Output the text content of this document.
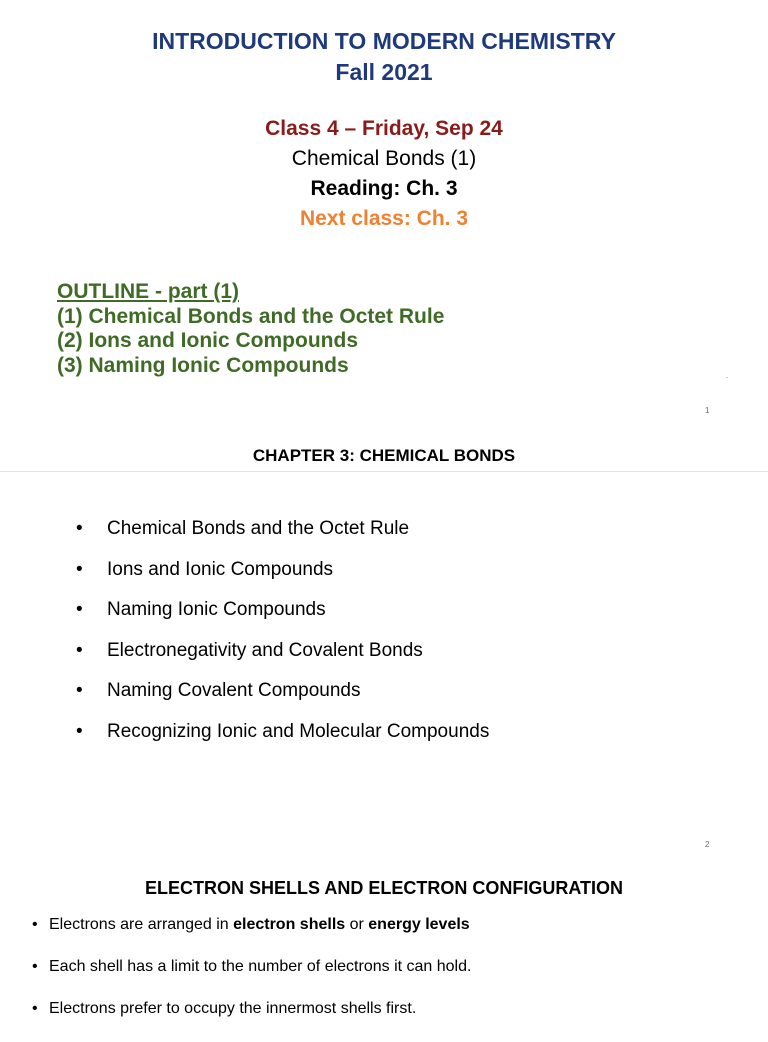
INTRODUCTION TO MODERN CHEMISTRY
Fall 2021
Class 4 – Friday, Sep 24
Chemical Bonds (1)
Reading: Ch. 3
Next class: Ch. 3
OUTLINE - part (1)
(1) Chemical Bonds and the Octet Rule
(2) Ions and Ionic Compounds
(3) Naming Ionic Compounds	.
1
CHAPTER 3: CHEMICAL BONDS
•	Chemical Bonds and the Octet Rule
•	Ions and Ionic Compounds
•	Naming Ionic Compounds
•	Electronegativity and Covalent Bonds
•	Naming Covalent Compounds
•	Recognizing Ionic and Molecular Compounds
2
ELECTRON SHELLS AND ELECTRON CONFIGURATION
• Electrons are arranged in electron shells or energy levels
• Each shell has a limit to the number of electrons it can hold.
• Electrons prefer to occupy the innermost shells first.
